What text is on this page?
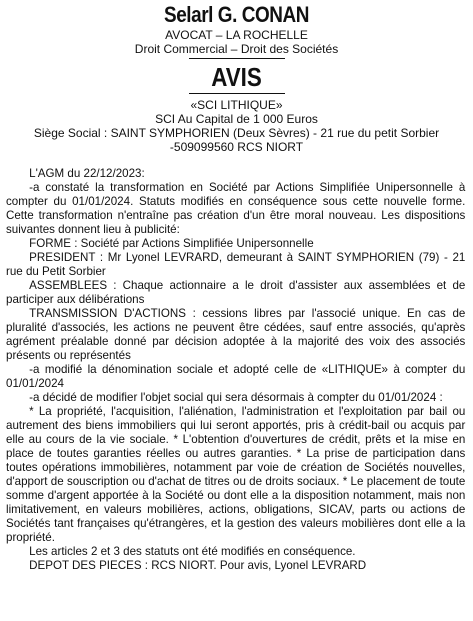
Selarl G. CONAN
AVOCAT – LA ROCHELLE
Droit Commercial – Droit des Sociétés
AVIS
«SCI LITHIQUE»
SCI Au Capital de 1 000 Euros
Siège Social : SAINT SYMPHORIEN (Deux Sèvres) - 21 rue du petit Sorbier
-509099560 RCS NIORT

L'AGM du 22/12/2023:

-a constaté la transformation en Société par Actions Simplifiée Unipersonnelle à compter du 01/01/2024. Statuts modifiés en conséquence sous cette nouvelle forme. Cette transformation n'entraîne pas création d'un être moral nouveau. Les dispositions suivantes donnent lieu à publicité:

FORME : Société par Actions Simplifiée Unipersonnelle

PRESIDENT : Mr Lyonel LEVRARD, demeurant à SAINT SYMPHORIEN (79) - 21 rue du Petit Sorbier

ASSEMBLEES : Chaque actionnaire a le droit d'assister aux assemblées et de participer aux délibérations

TRANSMISSION D'ACTIONS : cessions libres par l'associé unique. En cas de pluralité d'associés, les actions ne peuvent être cédées, sauf entre associés, qu'après agrément préalable donné par décision adoptée à la majorité des voix des associés présents ou représentés

-a modifié la dénomination sociale et adopté celle de «LITHIQUE» à compter du 01/01/2024

-a décidé de modifier l'objet social qui sera désormais à compter du 01/01/2024 :

* La propriété, l'acquisition, l'aliénation, l'administration et l'exploitation par bail ou autrement des biens immobiliers qui lui seront apportés, pris à crédit-bail ou acquis par elle au cours de la vie sociale. * L'obtention d'ouvertures de crédit, prêts et la mise en place de toutes garanties réelles ou autres garanties. * La prise de participation dans toutes opérations immobilières, notamment par voie de création de Sociétés nouvelles, d'apport de souscription ou d'achat de titres ou de droits sociaux. * Le placement de toute somme d'argent apportée à la Société ou dont elle a la disposition notamment, mais non limitativement, en valeurs mobilières, actions, obligations, SICAV, parts ou actions de Sociétés tant françaises qu'étrangères, et la gestion des valeurs mobilières dont elle a la propriété.

Les articles 2 et 3 des statuts ont été modifiés en conséquence.

DEPOT DES PIECES : RCS NIORT. Pour avis, Lyonel LEVRARD
